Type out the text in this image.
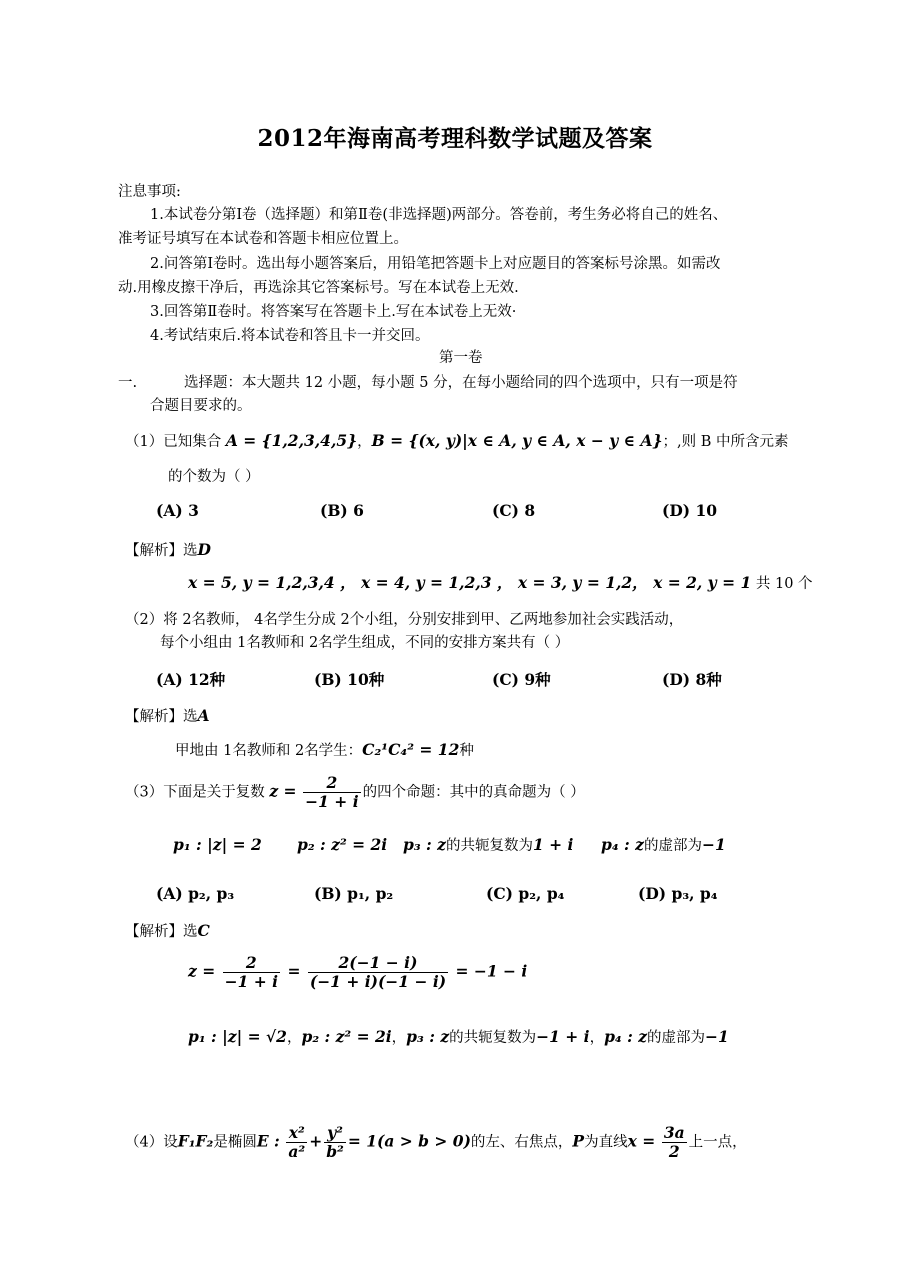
2012年海南高考理科数学试题及答案
注息事项:
1.本试卷分第Ⅰ卷（选择题）和第Ⅱ卷(非选择题)两部分。答卷前，考生务必将自己的姓名、
准考证号填写在本试卷和答题卡相应位置上。
2.问答第Ⅰ卷时。选出每小题答案后，用铅笔把答题卡上对应题目的答案标号涂黑。如需改
动.用橡皮擦干净后，再选涂其它答案标号。写在本试卷上无效.
3.回答第Ⅱ卷时。将答案写在答题卡上.写在本试卷上无效·
4.考试结束后.将本试卷和答且卡一并交回。
第一卷
一.	选择题：本大题共 12 小题，每小题 5 分，在每小题给同的四个选项中，只有一项是符
合题目要求的。
（1）已知集合 A = {1,2,3,4,5}，B = {(x, y)|x ∈ A, y ∈ A, x − y ∈ A}；,则 B 中所含元素
的个数为（ ）
(A) 3	(B) 6	(C) 8	(D) 10
【解析】选D
x = 5, y = 1,2,3,4 ， x = 4, y = 1,2,3 ， x = 3, y = 1,2， x = 2, y = 1 共 10 个
（2）将 2名教师， 4名学生分成 2个小组，分别安排到甲、乙两地参加社会实践活动，
每个小组由 1名教师和 2名学生组成，不同的安排方案共有（ ）
(A) 12种	(B) 10种	(C) 9种	(D) 8种
【解析】选A
甲地由 1名教师和 2名学生：C₂¹C₄² = 12种
（3）下面是关于复数 $z = \frac{2}{-1 + i}$ 的四个命题：其中的真命题为（ ）
p₁ : |z| = 2 p₂ : z² = 2i p₃ : z的共轭复数为1 + i p₄ : z的虚部为−1
(A) p₂, p₃	(B) p₁, p₂	(C) p₂, p₄	(D) p₃, p₄
【解析】选C
$z = \frac{2}{-1 + i} = \frac{2(-1 - i)}{(-1 + i)(-1 - i)} = -1 - i$
p₁ : |z| = √2，p₂ : z² = 2i，p₃ : z的共轭复数为−1 + i，p₄ : z的虚部为−1
（4）设F₁F₂是椭圆E : $\frac{\text{x²}}{\text{a²}} + \frac{\text{y²}}{\text{b²}} = 1(a > b > 0)$的左、右焦点，P为直线$x = \frac{3a}{2}$ 上一点，
